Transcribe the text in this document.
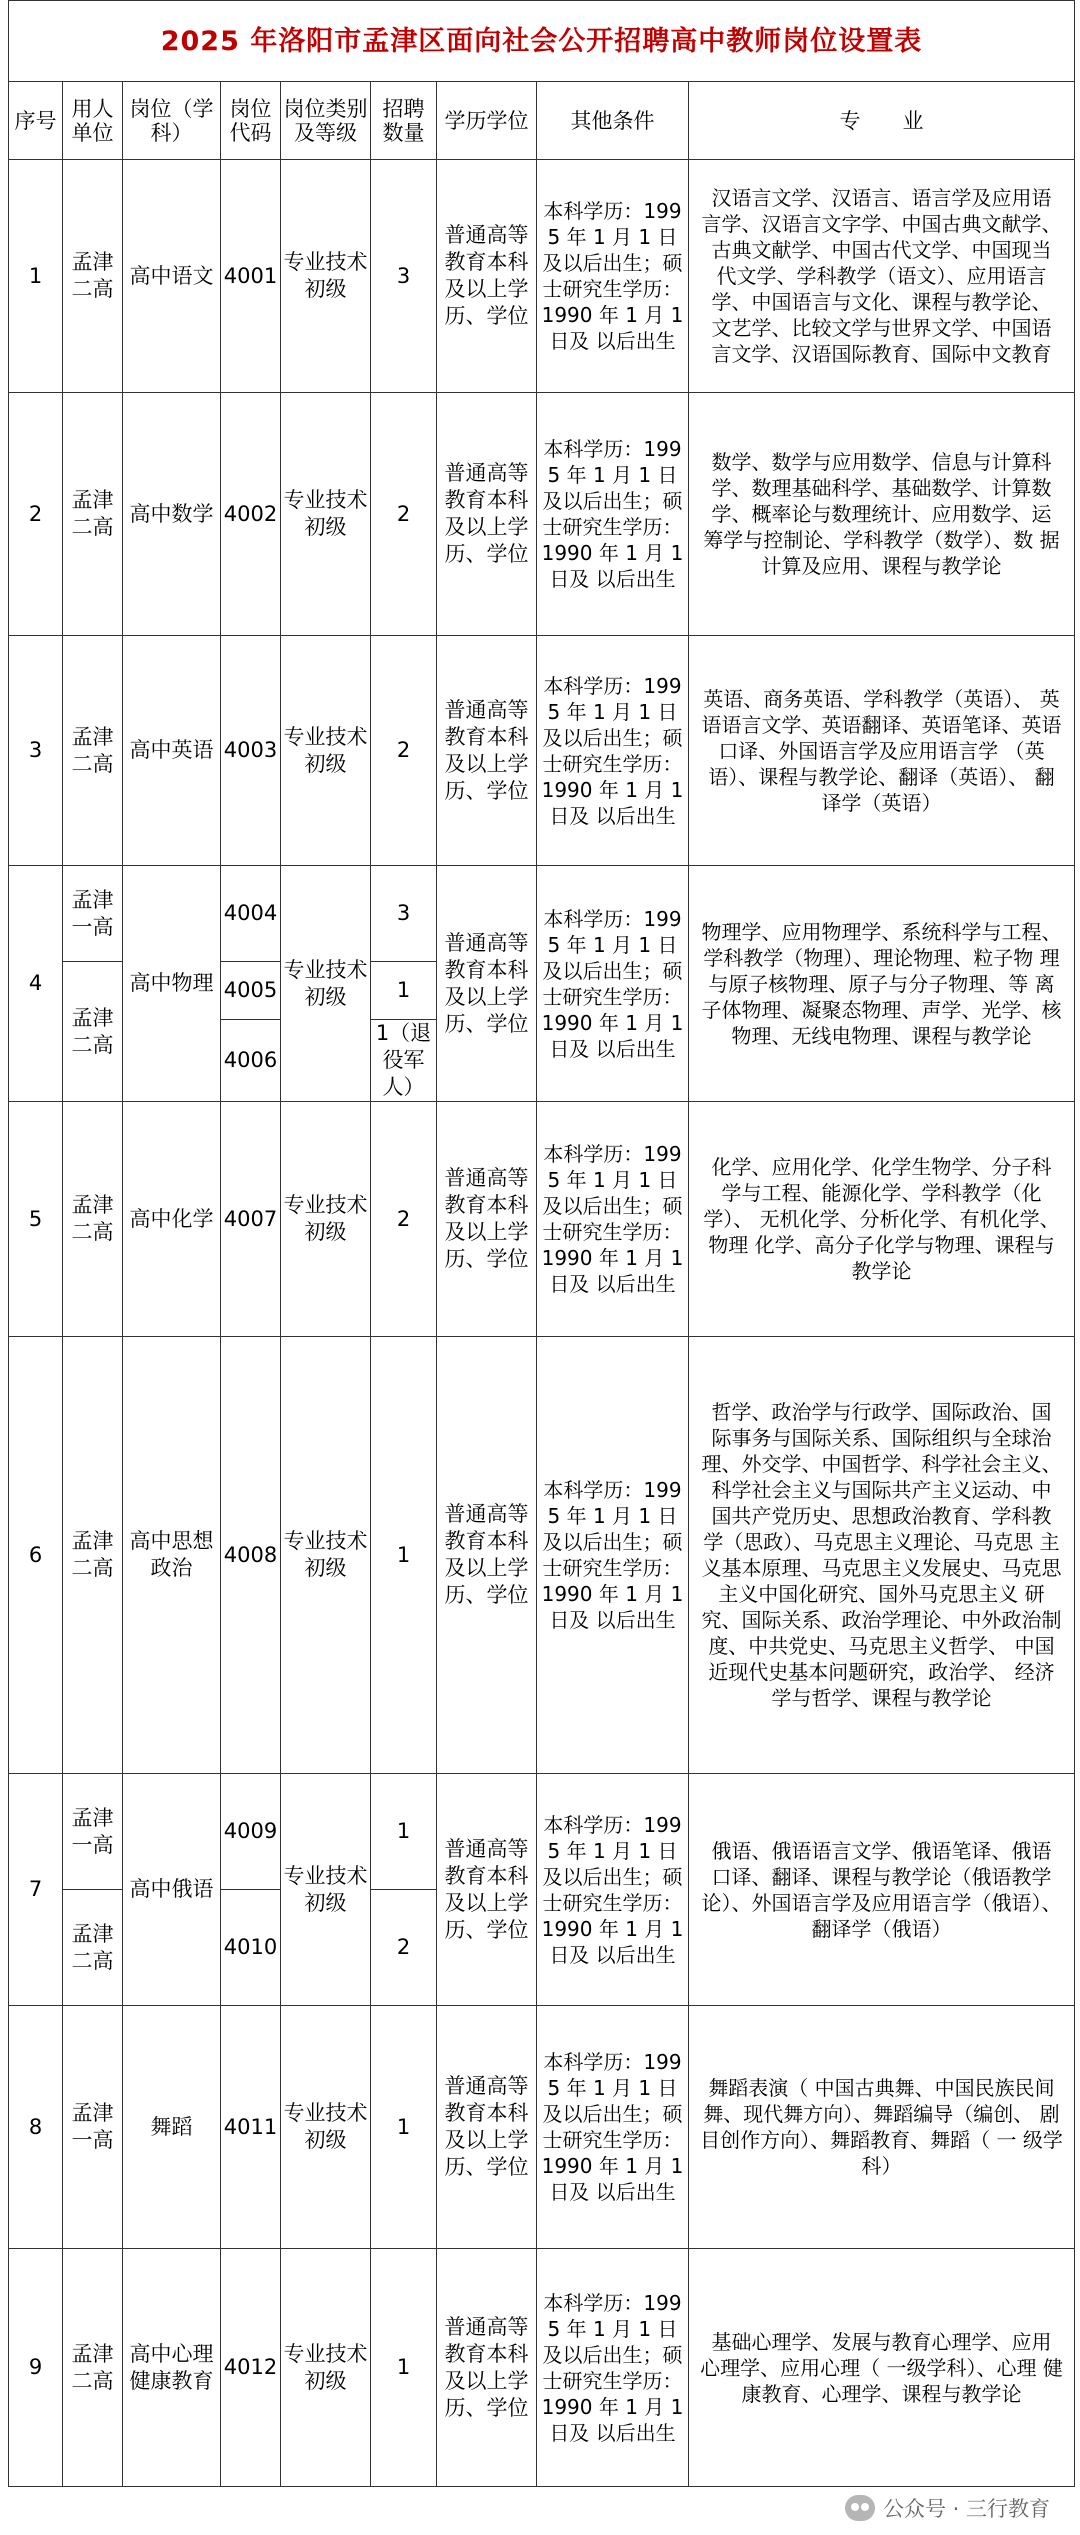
2025 年洛阳市孟津区面向社会公开招聘高中教师岗位设置表								
序号	用人单位	岗位（学科）	岗位代码	岗位类别及等级	招聘数量	学历学位	其他条件	专　　业
1	孟津二高	高中语文	4001	专业技术 初级	3	普通高等教育本科及以上学 历、学位	本科学历：1995 年 1 月 1 日及以后出生；硕士研究生学历：1990 年 1 月 1 日及 以后出生	汉语言文学、汉语言、语言学及应用语 言学、汉语言文字学、中国古典文献学、 古典文献学、中国古代文学、中国现当 代文学、学科教学（语文）、应用语言 学、中国语言与文化、课程与教学论、 文艺学、比较文学与世界文学、中国语 言文学、汉语国际教育、国际中文教育
2	孟津二高	高中数学	4002	专业技术 初级	2	普通高等教育本科及以上学 历、学位	本科学历：1995 年 1 月 1 日及以后出生；硕士研究生学历：1990 年 1 月 1 日及 以后出生	数学、数学与应用数学、信息与计算科 学、数理基础科学、基础数学、计算数 学、概率论与数理统计、应用数学、运 筹学与控制论、学科教学（数学）、数 据计算及应用、课程与教学论
3	孟津二高	高中英语	4003	专业技术 初级	2	普通高等教育本科及以上学 历、学位	本科学历：1995 年 1 月 1 日及以后出生；硕士研究生学历：1990 年 1 月 1 日及 以后出生	英语、商务英语、学科教学（英语）、 英语语言文学、英语翻译、英语笔译、英语口译、外国语言学及应用语言学 （英语）、课程与教学论、翻译（英语）、 翻译学（英语）
4	孟津一高	高中物理	4004	专业技术 初级	3	普通高等教育本科及以上学 历、学位	本科学历：1995 年 1 月 1 日及以后出生；硕士研究生学历：1990 年 1 月 1 日及 以后出生	物理学、应用物理学、系统科学与工程、 学科教学（物理）、理论物理、粒子物 理与原子核物理、原子与分子物理、等 离子体物理、凝聚态物理、声学、光学、核物理、无线电物理、课程与教学论
	孟津二高		4005		1			
			4006		1（退役军人）			
5	孟津二高	高中化学	4007	专业技术 初级	2	普通高等教育本科及以上学 历、学位	本科学历：1995 年 1 月 1 日及以后出生；硕士研究生学历：1990 年 1 月 1 日及 以后出生	化学、应用化学、化学生物学、分子科 学与工程、能源化学、学科教学（化学）、 无机化学、分析化学、有机化学、物理 化学、高分子化学与物理、课程与教学论
6	孟津二高	高中思想政治	4008	专业技术 初级	1	普通高等教育本科及以上学 历、学位	本科学历：1995 年 1 月 1 日及以后出生；硕士研究生学历：1990 年 1 月 1 日及 以后出生	哲学、政治学与行政学、国际政治、国 际事务与国际关系、国际组织与全球治 理、外交学、中国哲学、科学社会主义、 科学社会主义与国际共产主义运动、中 国共产党历史、思想政治教育、学科教 学（思政）、马克思主义理论、马克思 主义基本原理、马克思主义发展史、马克思主义中国化研究、国外马克思主义 研究、国际关系、政治学理论、中外政治制度、中共党史、马克思主义哲学、 中国近现代史基本问题研究，政治学、 经济学与哲学、课程与教学论
7	孟津一高	高中俄语	4009	专业技术 初级	1	普通高等教育本科及以上学 历、学位	本科学历：1995 年 1 月 1 日及以后出生；硕士研究生学历：1990 年 1 月 1 日及 以后出生	俄语、俄语语言文学、俄语笔译、俄语 口译、翻译、课程与教学论（俄语教学 论）、外国语言学及应用语言学（俄语）、 翻译学（俄语）
	孟津二高		4010		2			
8	孟津一高	舞蹈	4011	专业技术 初级	1	普通高等教育本科及以上学 历、学位	本科学历：1995 年 1 月 1 日及以后出生；硕士研究生学历：1990 年 1 月 1 日及 以后出生	舞蹈表演（ 中国古典舞、中国民族民间 舞、现代舞方向）、舞蹈编导（编创、 剧目创作方向）、舞蹈教育、舞蹈（ 一 级学科）
9	孟津二高	高中心理健康教育	4012	专业技术 初级	1	普通高等教育本科及以上学 历、学位	本科学历：1995 年 1 月 1 日及以后出生；硕士研究生学历：1990 年 1 月 1 日及 以后出生	基础心理学、发展与教育心理学、应用 心理学、应用心理（ 一级学科）、心理 健康教育、心理学、课程与教学论
公众号 · 三行教育
